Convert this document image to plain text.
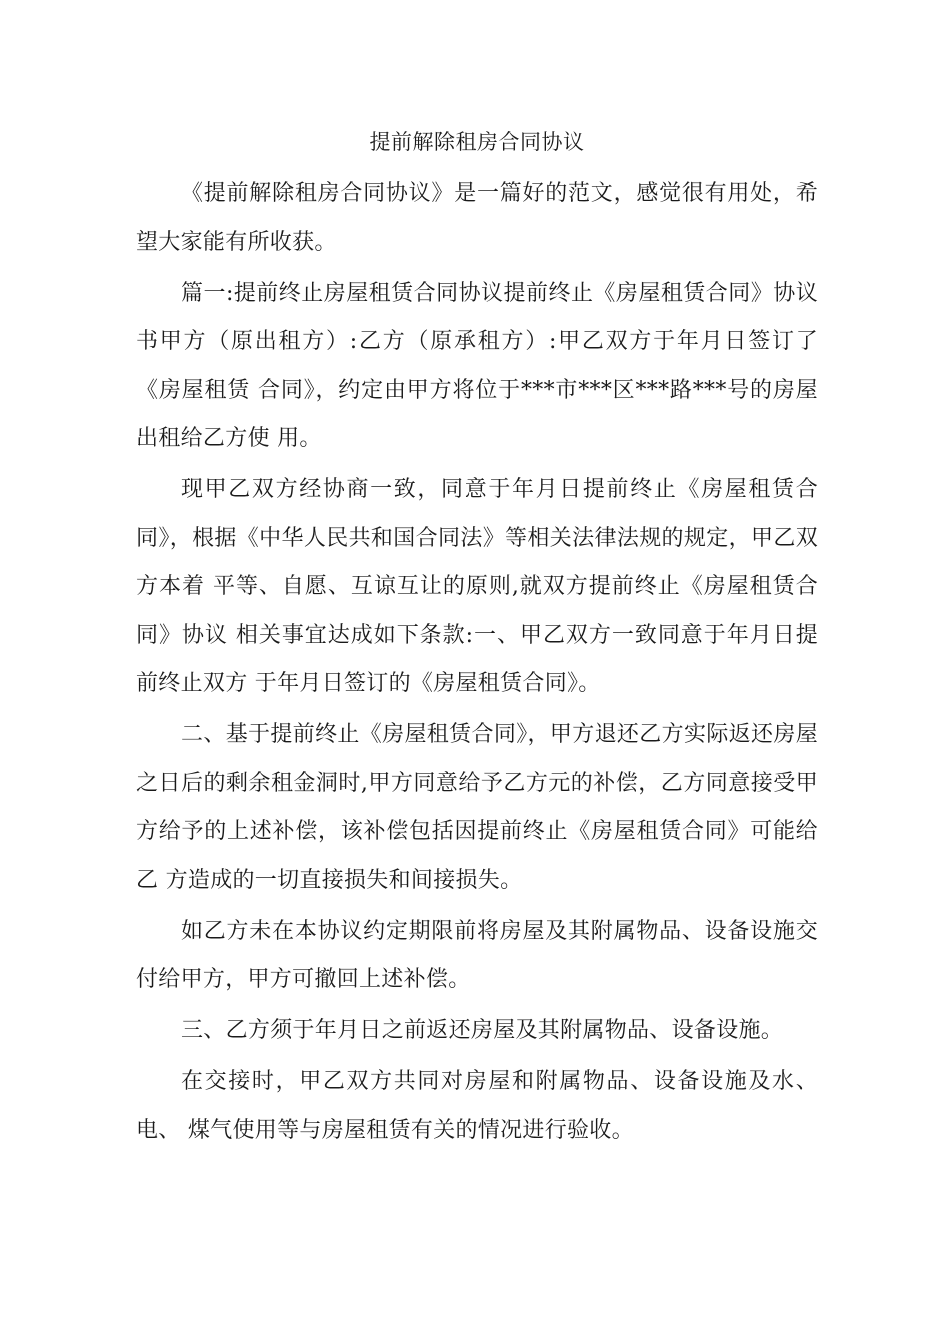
提前解除租房合同协议

《提前解除租房合同协议》是一篇好的范文，感觉很有用处，希望大家能有所收获。

篇一:提前终止房屋租赁合同协议提前终止《房屋租赁合同》协议 书甲方（原出租方）:乙方（原承租方）:甲乙双方于年月日签订了《房屋租赁 合同》，约定由甲方将位于***市***区***路***号的房屋出租给乙方使 用。

现甲乙双方经协商一致，同意于年月日提前终止《房屋租赁合同》，根据《中华人民共和国合同法》等相关法律法规的规定，甲乙双方本着 平等、自愿、互谅互让的原则,就双方提前终止《房屋租赁合同》协议 相关事宜达成如下条款:一、甲乙双方一致同意于年月日提前终止双方 于年月日签订的《房屋租赁合同》。

二、基于提前终止《房屋租赁合同》，甲方退还乙方实际返还房屋 之日后的剩余租金洞时,甲方同意给予乙方元的补偿，乙方同意接受甲 方给予的上述补偿，该补偿包括因提前终止《房屋租赁合同》可能给乙 方造成的一切直接损失和间接损失。

如乙方未在本协议约定期限前将房屋及其附属物品、设备设施交付给甲方，甲方可撤回上述补偿。

三、乙方须于年月日之前返还房屋及其附属物品、设备设施。

在交接时，甲乙双方共同对房屋和附属物品、设备设施及水、电、 煤气使用等与房屋租赁有关的情况进行验收。
